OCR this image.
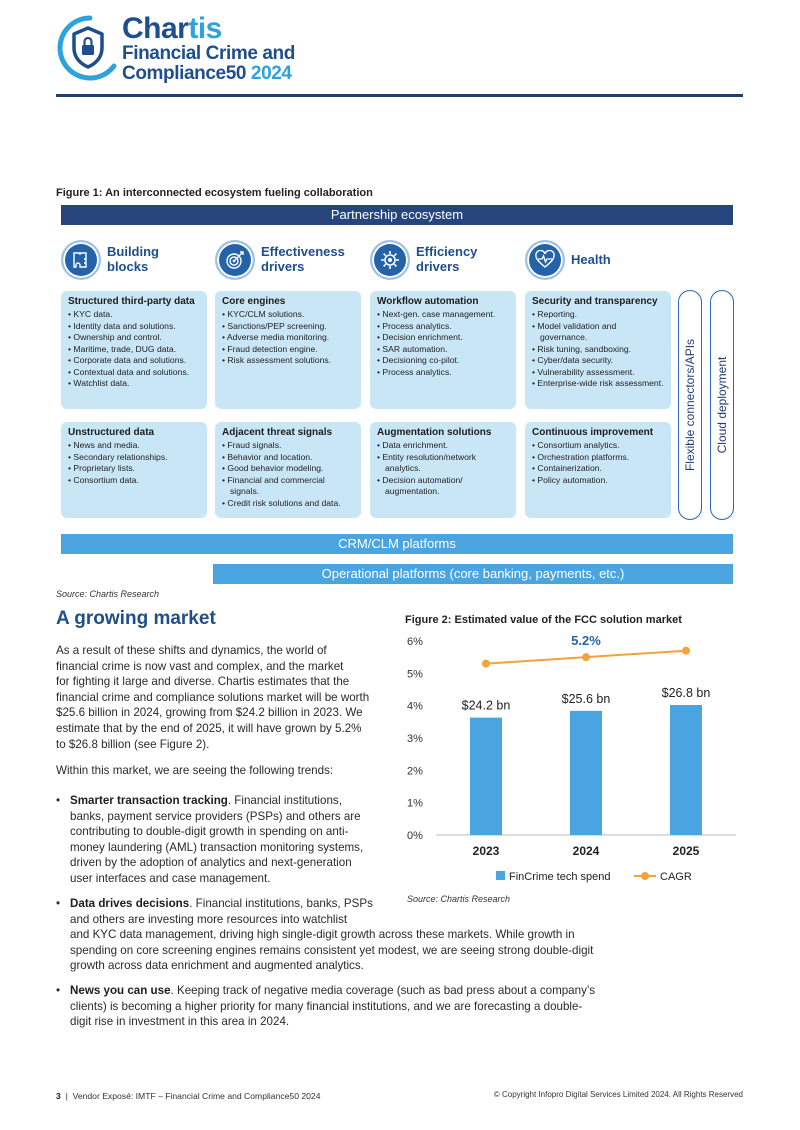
Chartis
Financial Crime and
Compliance50 2024
Figure 1: An interconnected ecosystem fueling collaboration
Partnership ecosystem
Building
blocks
Effectiveness
drivers
Efficiency
drivers	Health
Structured third-party data
• KYC data.
• Identity data and solutions.
• Ownership and control.
• Maritime, trade, DUG data.
• Corporate data and solutions.
• Contextual data and solutions.
• Watchlist data.
Core engines
• KYC/CLM solutions.
• Sanctions/PEP screening.
• Adverse media monitoring.
• Fraud detection engine.
• Risk assessment solutions.
Workflow automation
• Next-gen. case management.
• Process analytics.
• Decision enrichment.
• SAR automation.
• Decisioning co-pilot.
• Process analytics.
Security and transparency
• Reporting.
• Model validation and governance.
• Risk tuning, sandboxing.
• Cyber/data security.
• Vulnerability assessment.
• Enterprise-wide risk assessment.
Unstructured data
• News and media.
• Secondary relationships.
• Proprietary lists.
• Consortium data.
Adjacent threat signals
• Fraud signals.
• Behavior and location.
• Good behavior modeling.
• Financial and commercial signals.
• Credit risk solutions and data.
Augmentation solutions
• Data enrichment.
• Entity resolution/network analytics.
• Decision automation/ augmentation.
Continuous improvement
• Consortium analytics.
• Orchestration platforms.
• Containerization.
• Policy automation.
Flexible connectors/APIs Cloud deployment
CRM/CLM platforms
Operational platforms (core banking, payments, etc.)
Source: Chartis Research
A growing market
As a result of these shifts and dynamics, the world of
financial crime is now vast and complex, and the market
for fighting it large and diverse. Chartis estimates that the
financial crime and compliance solutions market will be worth
$25.6 billion in 2024, growing from $24.2 billion in 2023. We
estimate that by the end of 2025, it will have grown by 5.2%
to $26.8 billion (see Figure 2).
Within this market, we are seeing the following trends:
• Smarter transaction tracking. Financial institutions,
banks, payment service providers (PSPs) and others are
contributing to double-digit growth in spending on anti-
money laundering (AML) transaction monitoring systems,
driven by the adoption of analytics and next-generation
user interfaces and case management.
• Data drives decisions. Financial institutions, banks, PSPs
and others are investing more resources into watchlist
and KYC data management, driving high single-digit growth across these markets. While growth in
spending on core screening engines remains consistent yet modest, we are seeing strong double-digit
growth across data enrichment and augmented analytics.
• News you can use. Keeping track of negative media coverage (such as bad press about a company’s
clients) is becoming a higher priority for many financial institutions, and we are forecasting a double-
digit rise in investment in this area in 2024.
Figure 2: Estimated value of the FCC solution market
0%
1%
2%
3%
4%
5%
6%
$24.2 bn
2023
$25.6 bn
2024
$26.8 bn
2025
5.2%
FinCrime tech spend	CAGR
Source: Chartis Research
3 | Vendor Exposé: IMTF – Financial Crime and Compliance50 2024	© Copyright Infopro Digital Services Limited 2024. All Rights Reserved
